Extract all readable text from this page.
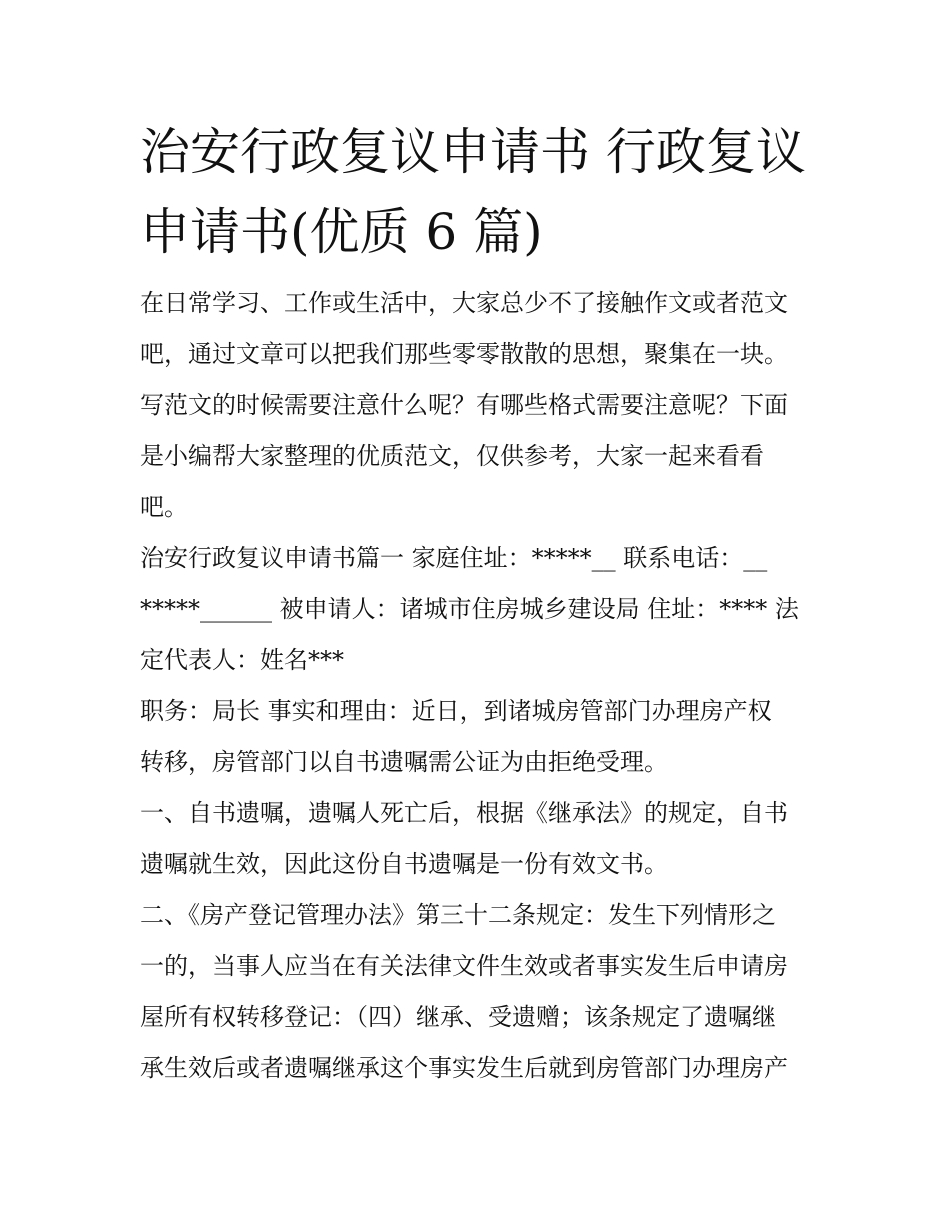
治安行政复议申请书 行政复议
申请书(优质 6 篇)
在日常学习、工作或生活中，大家总少不了接触作文或者范文
吧，通过文章可以把我们那些零零散散的思想，聚集在一块。
写范文的时候需要注意什么呢？有哪些格式需要注意呢？下面
是小编帮大家整理的优质范文，仅供参考，大家一起来看看
吧。
治安行政复议申请书篇一 家庭住址：*****__ 联系电话：__
*****______ 被申请人：诸城市住房城乡建设局 住址：**** 法
定代表人：姓名***
职务：局长 事实和理由：近日，到诸城房管部门办理房产权
转移，房管部门以自书遗嘱需公证为由拒绝受理。
一、自书遗嘱，遗嘱人死亡后，根据《继承法》的规定，自书
遗嘱就生效，因此这份自书遗嘱是一份有效文书。
二、《房产登记管理办法》第三十二条规定：发生下列情形之
一的，当事人应当在有关法律文件生效或者事实发生后申请房
屋所有权转移登记：（四）继承、受遗赠；该条规定了遗嘱继
承生效后或者遗嘱继承这个事实发生后就到房管部门办理房产
